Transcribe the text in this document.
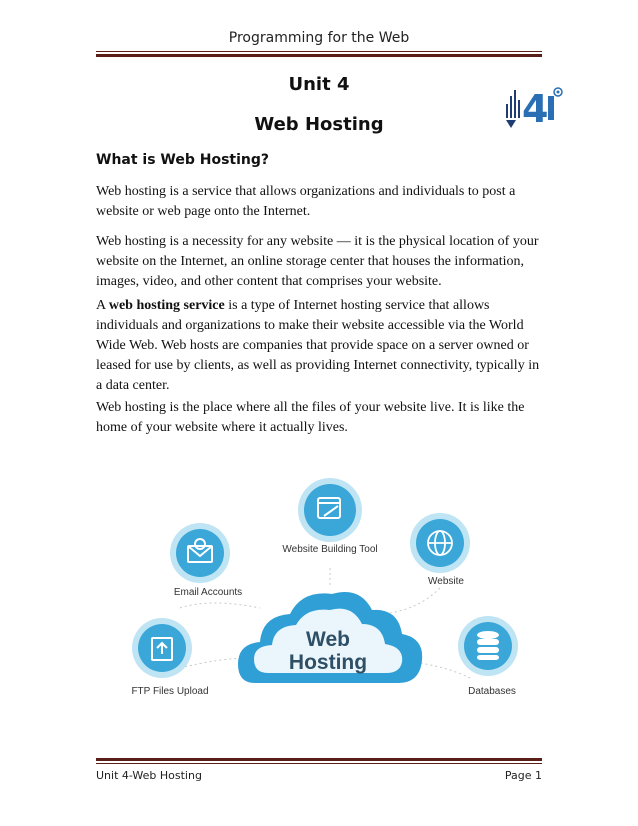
Programming for the Web
Unit 4
Web Hosting	4
What is Web Hosting?

Web hosting is a service that allows organizations and individuals to post a website or web page onto the Internet.

Web hosting is a necessity for any website — it is the physical location of your website on the Internet, an online storage center that houses the information, images, video, and other content that comprises your website.

A web hosting service is a type of Internet hosting service that allows individuals and organizations to make their website accessible via the World Wide Web. Web hosts are companies that provide space on a server owned or leased for use by clients, as well as providing Internet connectivity, typically in a data center.

Web hosting is the place where all the files of your website live. It is like the home of your website where it actually lives.

Website Building Tool
Email Accounts
Website
FTP Files Upload	Databases
Web
Hosting
Unit 4-Web Hosting	Page 1
